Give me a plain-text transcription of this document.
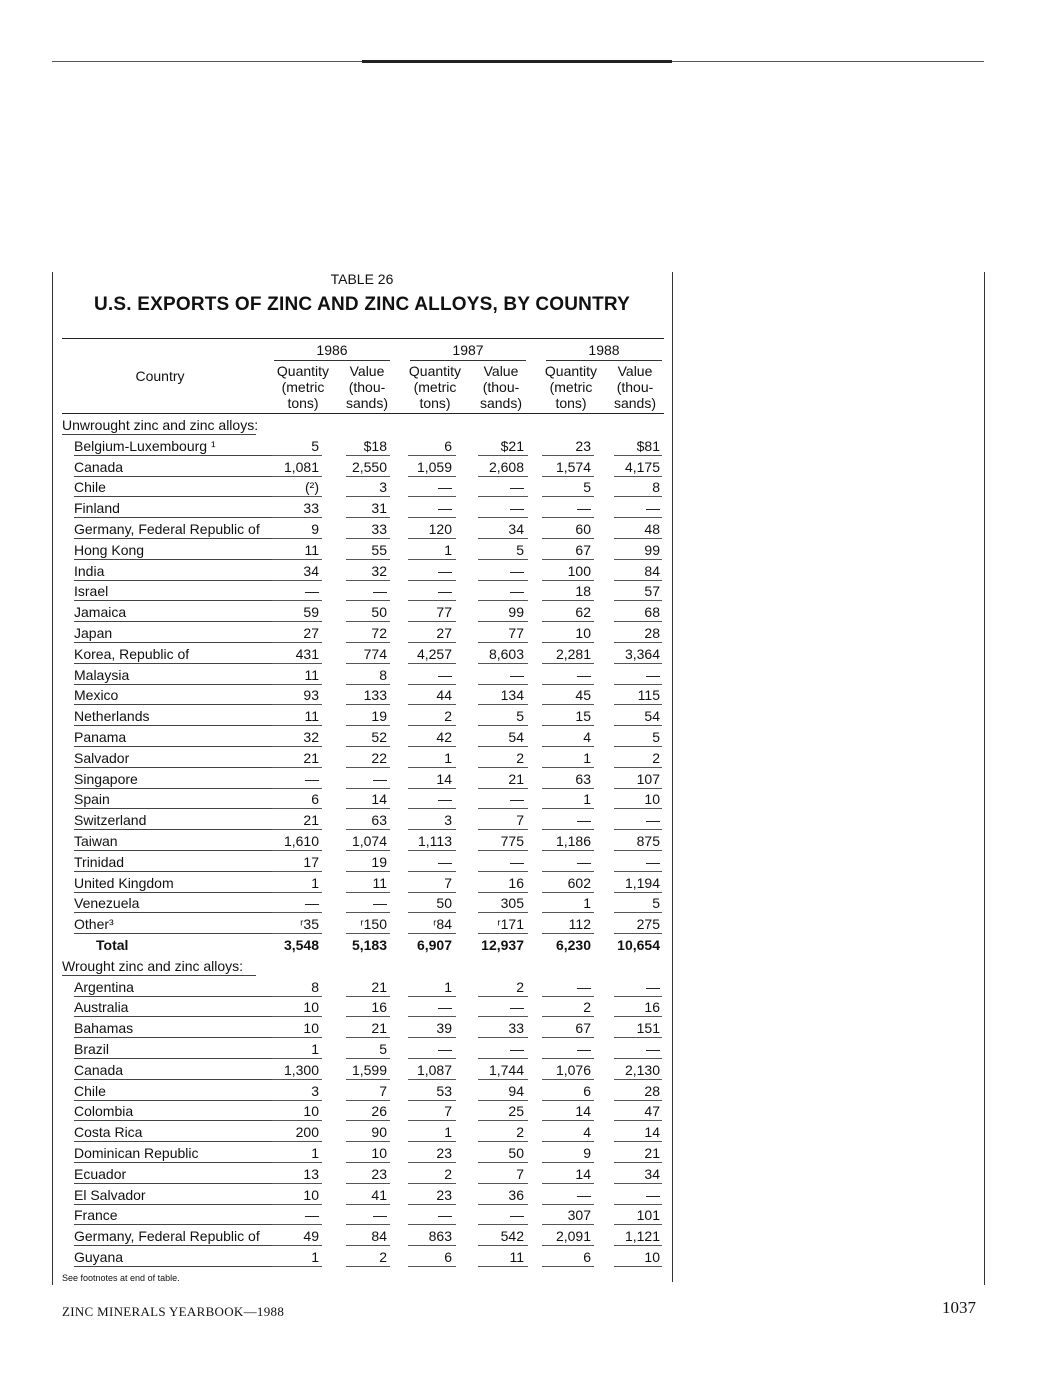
TABLE 26
U.S. EXPORTS OF ZINC AND ZINC ALLOYS, BY COUNTRY
Country
1986	1987	1988
Quantity
(metric
tons)
Value
(thou-
sands)
Quantity
(metric
tons)
Value
(thou-
sands)
Quantity
(metric
tons)
Value
(thou-
sands)
Unwrought zinc and zinc alloys:
Belgium-Luxembourg ¹	5	$18	6	$21	23	$81
Canada	1,081 2,550 1,059	2,608 1,574 4,175
Chile	(²)	3	—	—	5	8
Finland	33	31	—	—	—	—
Germany, Federal Republic of	9	33	120	34	60	48
Hong Kong	11	55	1	5	67	99
India	34	32	—	—	100	84
Israel	—	—	—	—	18	57
Jamaica	59	50	77	99	62	68
Japan	27	72	27	77	10	28
Korea, Republic of	431	774 4,257	8,603 2,281 3,364
Malaysia	11	8	—	—	—	—
Mexico	93	133	44	134	45	115
Netherlands	11	19	2	5	15	54
Panama	32	52	42	54	4	5
Salvador	21	22	1	2	1	2
Singapore	—	—	14	21	63	107
Spain	6	14	—	—	1	10
Switzerland	21	63	3	7	—	—
Taiwan	1,610 1,074 1,113	775 1,186	875
Trinidad	17	19	—	—	—	—
United Kingdom	1	11	7	16	602 1,194
Venezuela	—	—	50	305	1	5
Other³	ʳ35	ʳ150	ʳ84	ʳ171	112	275
Total	3,548 5,183 6,907 12,937 6,230 10,654
Wrought zinc and zinc alloys:
Argentina	8	21	1	2	—	—
Australia	10	16	—	—	2	16
Bahamas	10	21	39	33	67	151
Brazil	1	5	—	—	—	—
Canada	1,300 1,599 1,087	1,744 1,076 2,130
Chile	3	7	53	94	6	28
Colombia	10	26	7	25	14	47
Costa Rica	200	90	1	2	4	14
Dominican Republic	1	10	23	50	9	21
Ecuador	13	23	2	7	14	34
El Salvador	10	41	23	36	—	—
France	—	—	—	—	307	101
Germany, Federal Republic of	49	84	863	542 2,091 1,121
Guyana	1	2	6	11	6	10
See footnotes at end of table.
ZINC MINERALS YEARBOOK—1988	1037
